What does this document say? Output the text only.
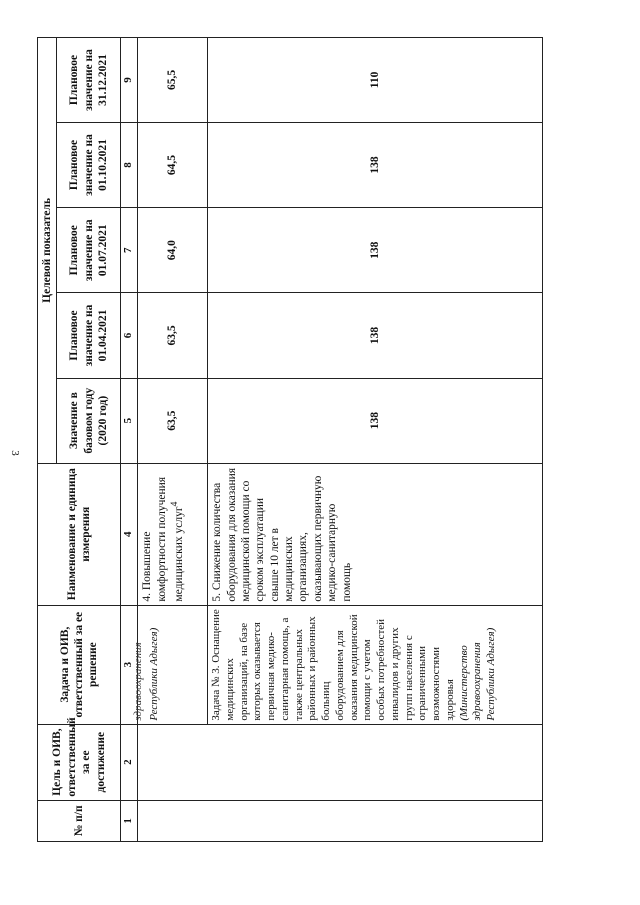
3
№ п/п	Цель и ОИВ, ответственный за ее достижение	Задача и ОИВ, ответственный за ее решение	Наименование и единица измерения	Целевой показатель				
				Значение в базовом году (2020 год)	Плановое значение на 01.04.2021	Плановое значение на 01.07.2021	Плановое значение на 01.10.2021	Плановое значение на 31.12.2021
1	2	3	4	5	6	7	8	9

		здравоохранения Республики Адыгея)	4. Повышение комфортности получения медицинских услуг$^4$	63,5	63,5	64,0	64,5	65,5
		Задача № 3. Оснащение медицинских организаций, на базе которых оказывается первичная медико-санитарная помощь, а также центральных районных и районных больниц оборудованием для оказания медицинской помощи с учетом особых потребностей инвалидов и других групп населения с ограниченными возможностями здоровья (Министерство здравоохранения Республики Адыгея)	5. Снижение количества оборудования для оказания медицинской помощи со сроком эксплуатации свыше 10 лет в медицинских организациях, оказывающих первичную медико-санитарную помощь	138	138	138	138	110
